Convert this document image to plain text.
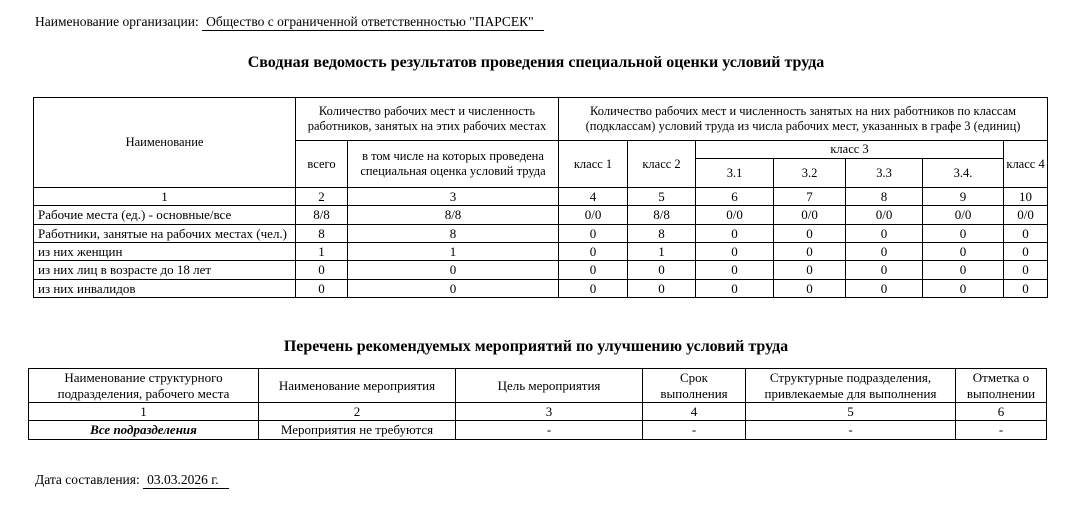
Наименование организации: Общество с ограниченной ответственностью "ПАРСЕК"
Сводная ведомость результатов проведения специальной оценки условий труда
Наименование	Количество рабочих мест и численность работников, занятых на этих рабочих местах		Количество рабочих мест и численность занятых на них работников по классам (подклассам) условий труда из числа рабочих мест, указанных в графе 3 (единиц)						
	всего	в том числе на которых проведена специальная оценка условий труда	класс 1	класс 2	класс 3				класс 4
					3.1	3.2	3.3	3.4.	
1	2	3	4	5	6	7	8	9	10
Рабочие места (ед.) - основные/все	8/8	8/8	0/0	8/8	0/0	0/0	0/0	0/0	0/0
Работники, занятые на рабочих местах (чел.)	8	8	0	8	0	0	0	0	0
из них женщин	1	1	0	1	0	0	0	0	0
из них лиц в возрасте до 18 лет	0	0	0	0	0	0	0	0	0
из них инвалидов	0	0	0	0	0	0	0	0	0
Перечень рекомендуемых мероприятий по улучшению условий труда
Наименование структурного подразделения, рабочего места	Наименование мероприятия	Цель мероприятия	Срок выполнения	Структурные подразделения, привлекаемые для выполнения	Отметка о выполнении
1	2	3	4	5	6
Все подразделения	Мероприятия не требуются	-	-	-	-
Дата составления: 03.03.2026 г.
